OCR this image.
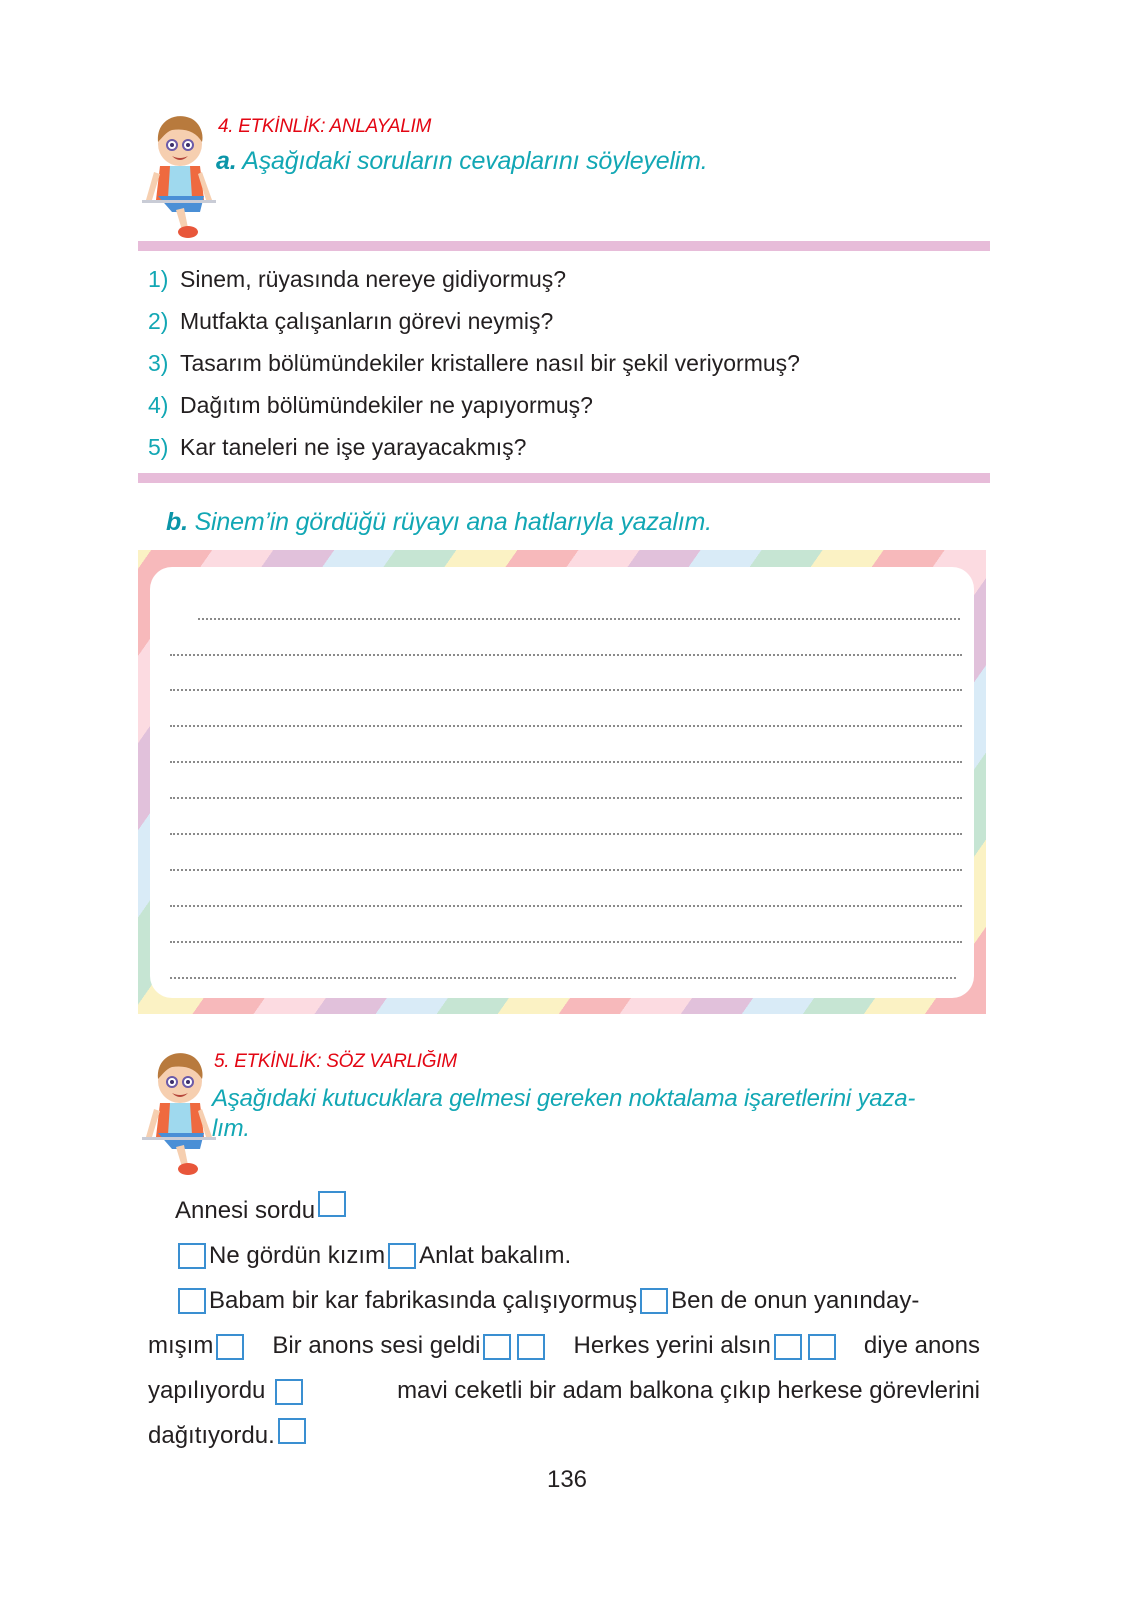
4. ETKİNLİK: ANLAYALIM
a. Aşağıdaki soruların cevaplarını söyleyelim.
1) Sinem, rüyasında nereye gidiyormuş?
2) Mutfakta çalışanların görevi neymiş?
3) Tasarım bölümündekiler kristallere nasıl bir şekil veriyormuş?
4) Dağıtım bölümündekiler ne yapıyormuş?
5) Kar taneleri ne işe yarayacakmış?
b. Sinem’in gördüğü rüyayı ana hatlarıyla yazalım.
5. ETKİNLİK: SÖZ VARLIĞIM
Aşağıdaki kutucuklara gelmesi gereken noktalama işaretlerini yaza-
lım.
Annesi sordu
Ne gördün kızım Anlat bakalım.
Babam bir kar fabrikasında çalışıyormuş Ben de onun yanınday-
mışım	Bir anons sesi geldi	Herkes yerini alsın	diye anons
yapılıyordu	mavi ceketli bir adam balkona çıkıp herkese görevlerini
dağıtıyordu.
136
